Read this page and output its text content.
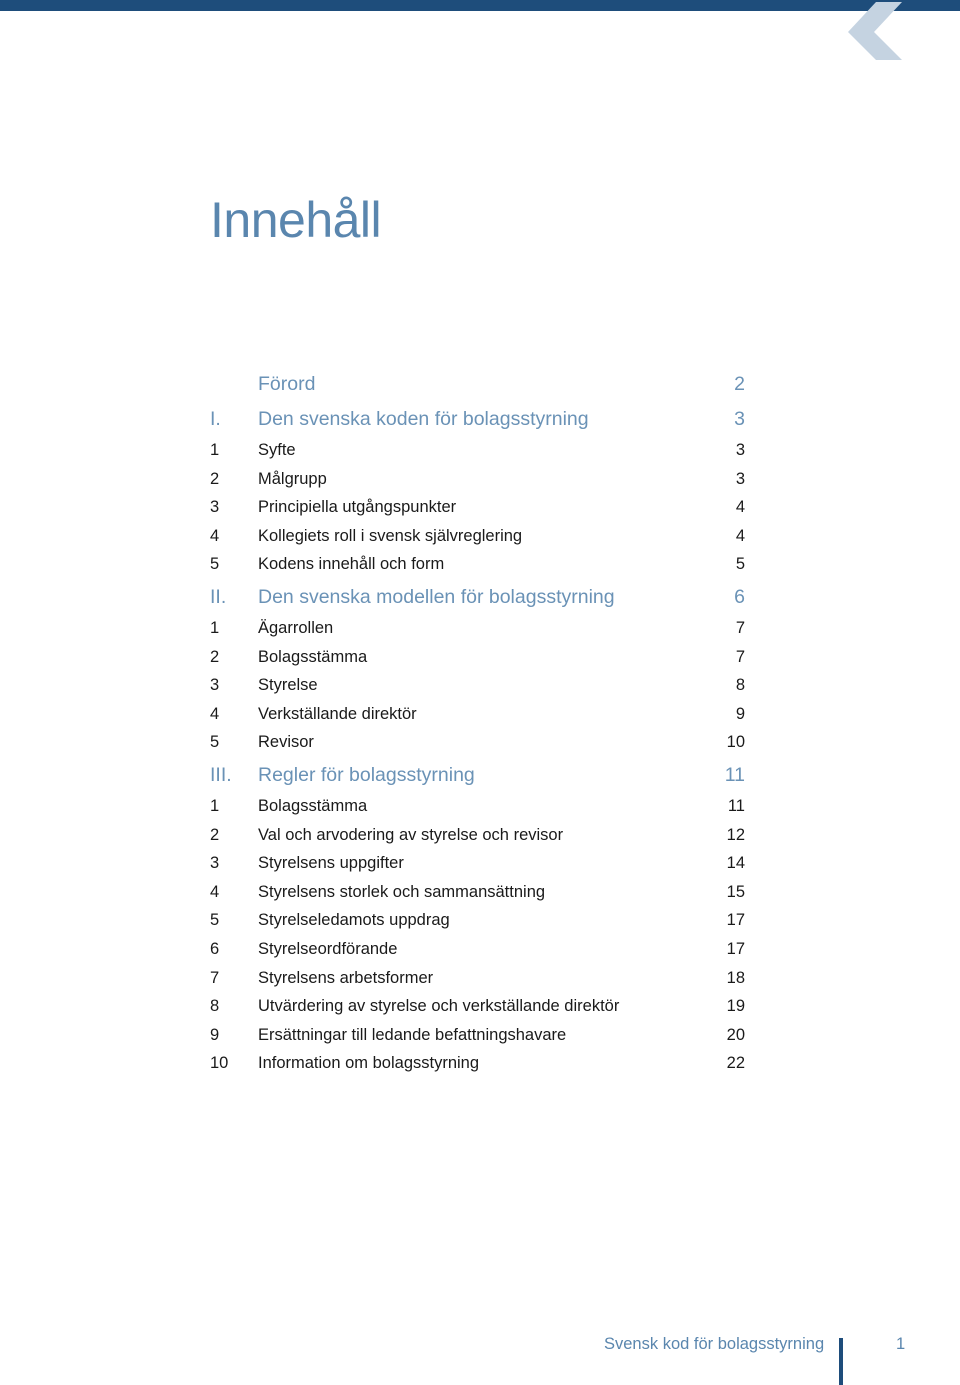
Innehåll
Förord	2
I. Den svenska koden för bolagsstyrning	3
1 Syfte	3
2 Målgrupp	3
3 Principiella utgångspunkter	4
4 Kollegiets roll i svensk självreglering	4
5 Kodens innehåll och form	5
II. Den svenska modellen för bolagsstyrning	6
1 Ägarrollen	7
2 Bolagsstämma	7
3 Styrelse	8
4 Verkställande direktör	9
5 Revisor	10
III. Regler för bolagsstyrning	11
1 Bolagsstämma	11
2 Val och arvodering av styrelse och revisor	12
3 Styrelsens uppgifter	14
4 Styrelsens storlek och sammansättning	15
5 Styrelseledamots uppdrag	17
6 Styrelseordförande	17
7 Styrelsens arbetsformer	18
8 Utvärdering av styrelse och verkställande direktör	19
9 Ersättningar till ledande befattningshavare	20
10 Information om bolagsstyrning	22
Svensk kod för bolagsstyrning	1
